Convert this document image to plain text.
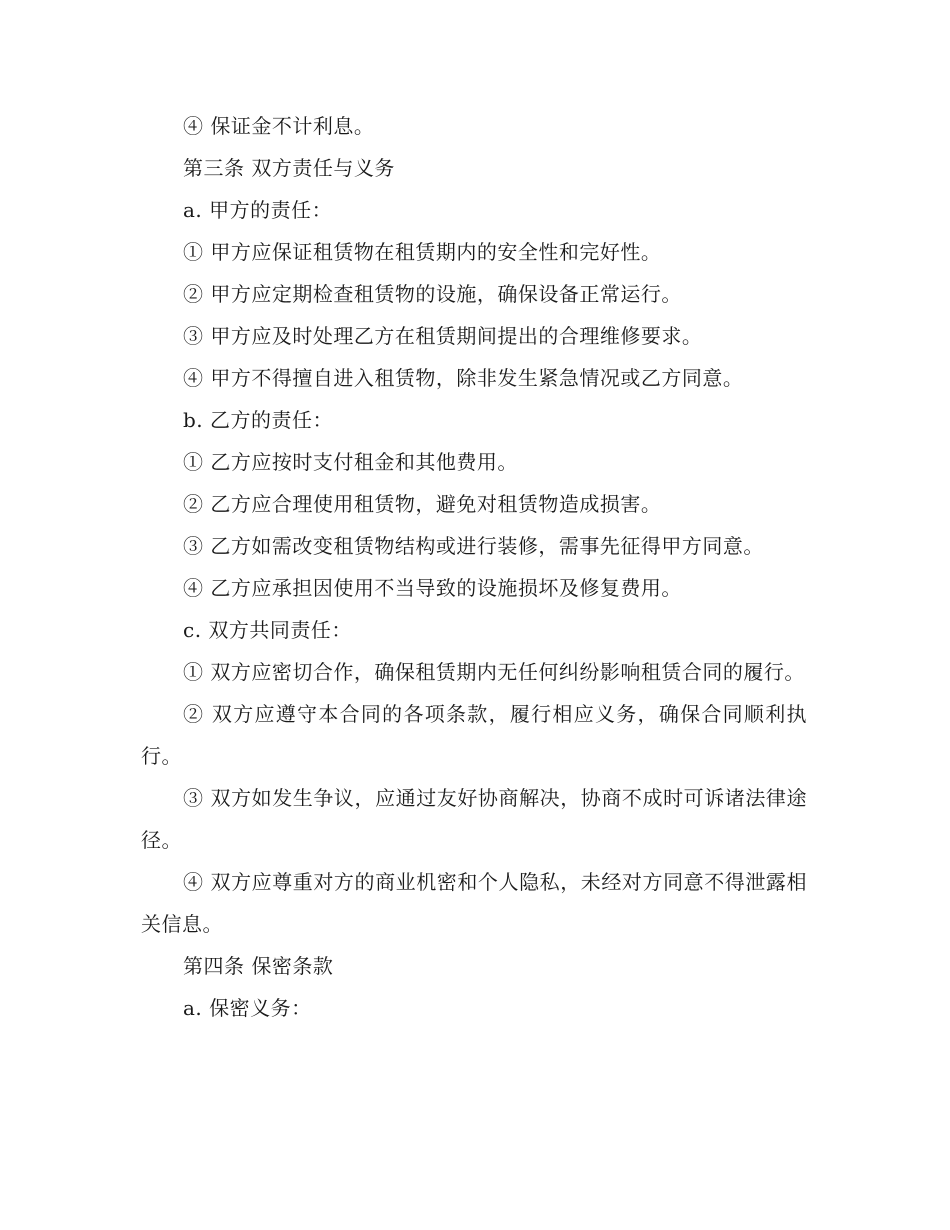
④ 保证金不计利息。

第三条 双方责任与义务

a. 甲方的责任：

① 甲方应保证租赁物在租赁期内的安全性和完好性。

② 甲方应定期检查租赁物的设施，确保设备正常运行。

③ 甲方应及时处理乙方在租赁期间提出的合理维修要求。

④ 甲方不得擅自进入租赁物，除非发生紧急情况或乙方同意。

b. 乙方的责任：

① 乙方应按时支付租金和其他费用。

② 乙方应合理使用租赁物，避免对租赁物造成损害。

③ 乙方如需改变租赁物结构或进行装修，需事先征得甲方同意。

④ 乙方应承担因使用不当导致的设施损坏及修复费用。

c. 双方共同责任：

① 双方应密切合作，确保租赁期内无任何纠纷影响租赁合同的履行。

② 双方应遵守本合同的各项条款，履行相应义务，确保合同顺利执行。

③ 双方如发生争议，应通过友好协商解决，协商不成时可诉诸法律途径。

④ 双方应尊重对方的商业机密和个人隐私，未经对方同意不得泄露相关信息。

第四条 保密条款

a. 保密义务：
